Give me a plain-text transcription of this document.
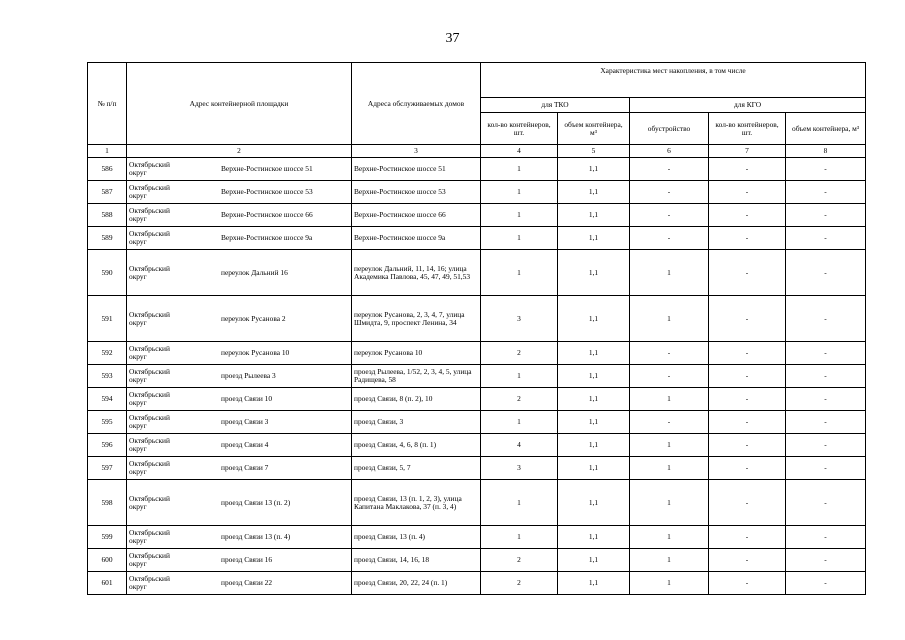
37
№ п/п	Адрес контейнерной площадки	Адреса обслуживаемых домов	Характеристика мест накопления, в том числе				
			для ТКО		для КГО		
			кол-во контейнеров, шт.	объем контейнера, м³	обустройство	кол-во контейнеров, шт.	объем контейнера, м³
1	2	3	4	5	6	7	8
586	Октябрьский округ Верхне-Ростинское шоссе 51	Верхне-Ростинское шоссе 51	1	1,1	-	-	-
587	Октябрьский округ Верхне-Ростинское шоссе 53	Верхне-Ростинское шоссе 53	1	1,1	-	-	-
588	Октябрьский округ Верхне-Ростинское шоссе 66	Верхне-Ростинское шоссе 66	1	1,1	-	-	-
589	Октябрьский округ Верхне-Ростинское шоссе 9а	Верхне-Ростинское шоссе 9а	1	1,1	-	-	-
590	Октябрьский округ переулок Дальний 16	переулок Дальний, 11, 14, 16; улица Академика Павлова, 45, 47, 49, 51,53	1	1,1	1	-	-
591	Октябрьский округ переулок Русанова 2	переулок Русанова, 2, 3, 4, 7, улица Шмидта, 9, проспект Ленина, 34	3	1,1	1	-	-
592	Октябрьский округ переулок Русанова 10	переулок Русанова 10	2	1,1	-	-	-
593	Октябрьский округ проезд Рылеева 3	проезд Рылеева, 1/52, 2, 3, 4, 5, улица Радищева, 58	1	1,1	-	-	-
594	Октябрьский округ проезд Связи 10	проезд Связи, 8 (п. 2), 10	2	1,1	1	-	-
595	Октябрьский округ проезд Связи 3	проезд Связи, 3	1	1,1	-	-	-
596	Октябрьский округ проезд Связи 4	проезд Связи, 4, 6, 8 (п. 1)	4	1,1	1	-	-
597	Октябрьский округ проезд Связи 7	проезд Связи, 5, 7	3	1,1	1	-	-
598	Октябрьский округ проезд Связи 13 (п. 2)	проезд Связи, 13 (п. 1, 2, 3), улица Капитана Маклакова, 37 (п. 3, 4)	1	1,1	1	-	-
599	Октябрьский округ проезд Связи 13 (п. 4)	проезд Связи, 13 (п. 4)	1	1,1	1	-	-
600	Октябрьский округ проезд Связи 16	проезд Связи, 14, 16, 18	2	1,1	1	-	-
601	Октябрьский округ проезд Связи 22	проезд Связи, 20, 22, 24 (п. 1)	2	1,1	1	-	-
